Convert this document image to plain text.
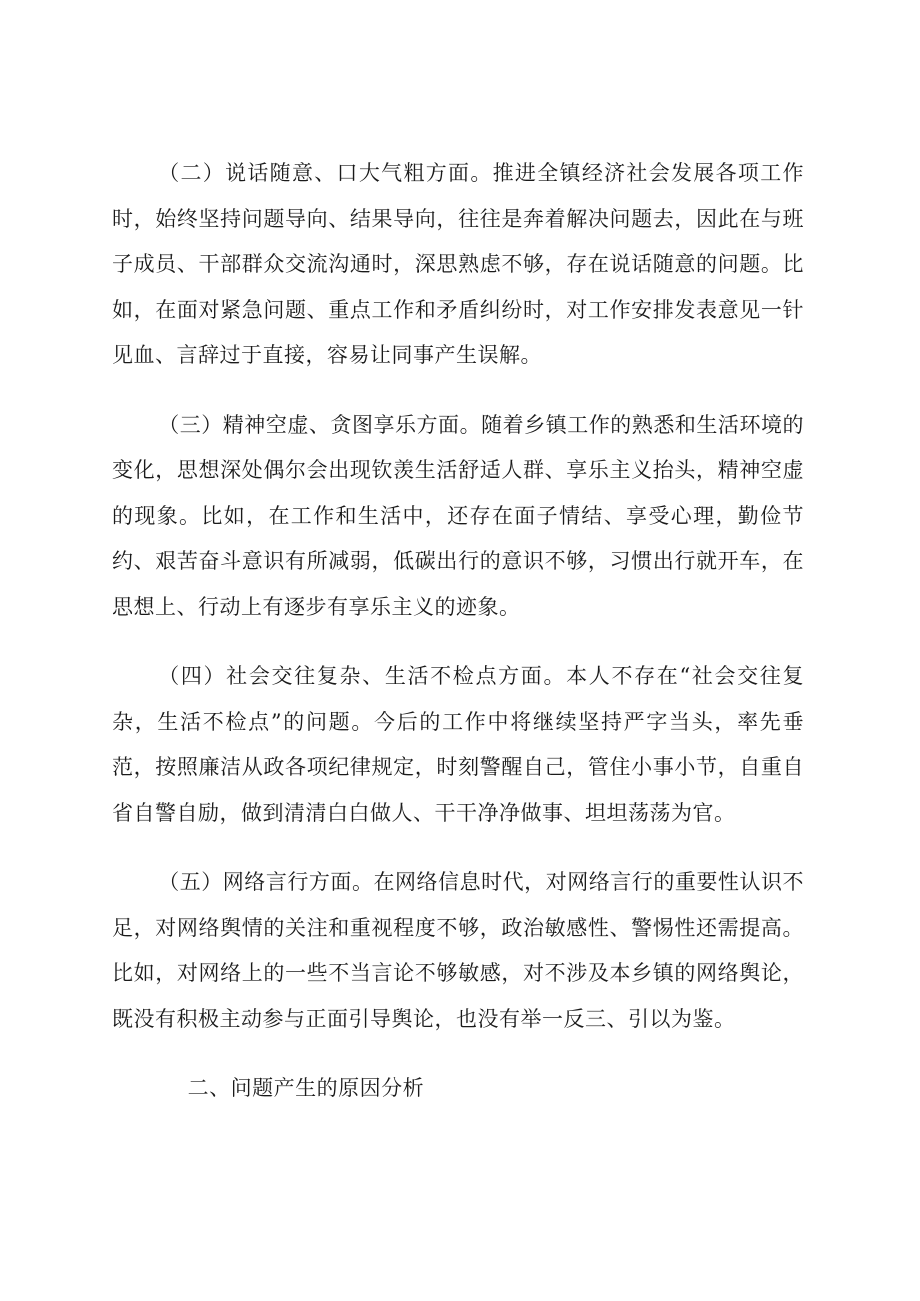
（二）说话随意、口大气粗方面。推进全镇经济社会发展各项工作时，始终坚持问题导向、结果导向，往往是奔着解决问题去，因此在与班子成员、干部群众交流沟通时，深思熟虑不够，存在说话随意的问题。比如，在面对紧急问题、重点工作和矛盾纠纷时，对工作安排发表意见一针见血、言辞过于直接，容易让同事产生误解。

（三）精神空虚、贪图享乐方面。随着乡镇工作的熟悉和生活环境的变化，思想深处偶尔会出现钦羡生活舒适人群、享乐主义抬头，精神空虚的现象。比如，在工作和生活中，还存在面子情结、享受心理，勤俭节约、艰苦奋斗意识有所减弱，低碳出行的意识不够，习惯出行就开车，在思想上、行动上有逐步有享乐主义的迹象。

（四）社会交往复杂、生活不检点方面。本人不存在“社会交往复杂，生活不检点”的问题。今后的工作中将继续坚持严字当头，率先垂范，按照廉洁从政各项纪律规定，时刻警醒自己，管住小事小节，自重自省自警自励，做到清清白白做人、干干净净做事、坦坦荡荡为官。

（五）网络言行方面。在网络信息时代，对网络言行的重要性认识不足，对网络舆情的关注和重视程度不够，政治敏感性、警惕性还需提高。比如，对网络上的一些不当言论不够敏感，对不涉及本乡镇的网络舆论，既没有积极主动参与正面引导舆论，也没有举一反三、引以为鉴。

二、问题产生的原因分析
